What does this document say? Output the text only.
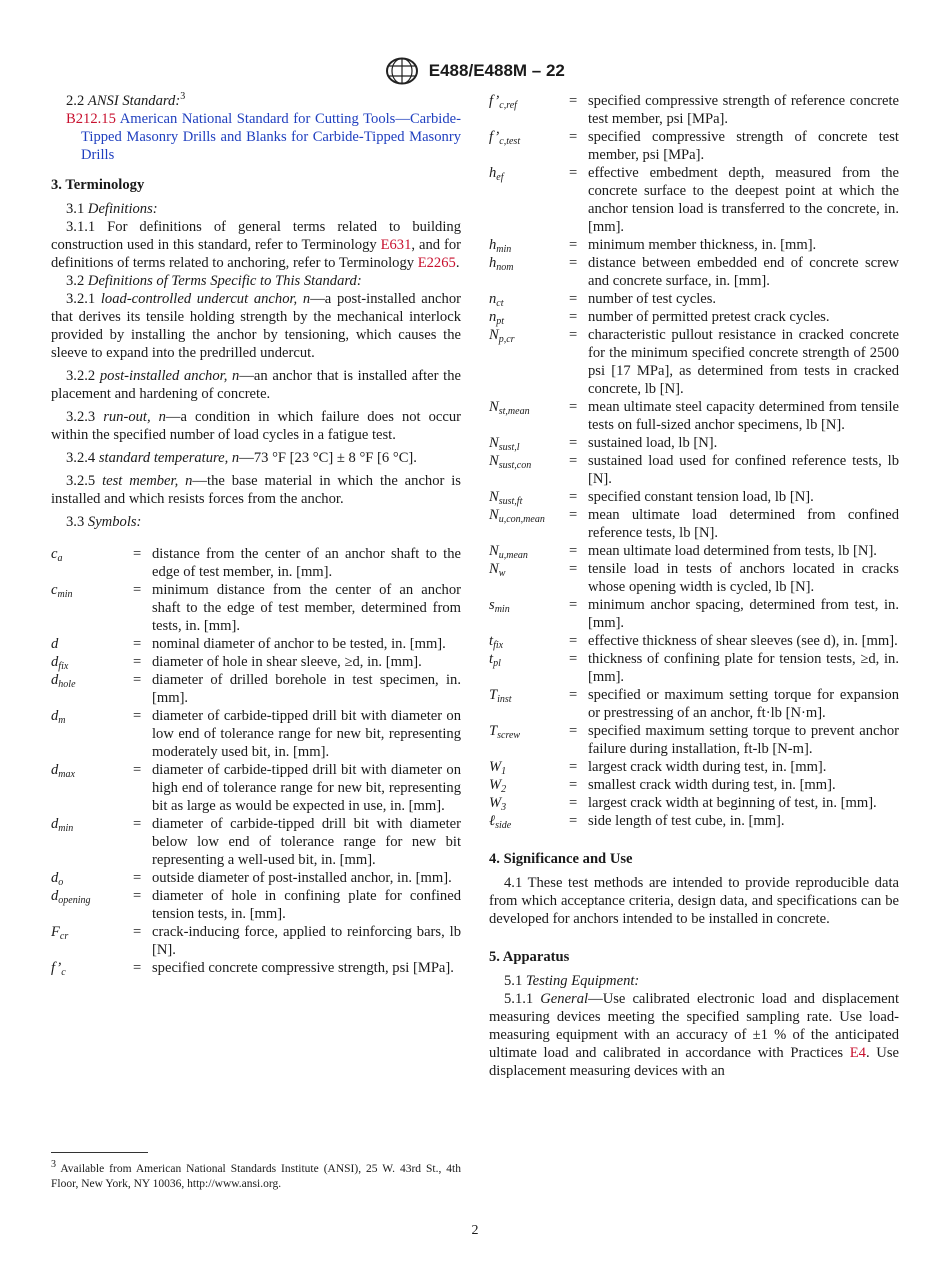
E488/E488M – 22

2.2 ANSI Standard:$^3$

B212.15 American National Standard for Cutting Tools—Carbide-Tipped Masonry Drills and Blanks for Carbide-Tipped Masonry Drills

3. Terminology

3.1 Definitions:

3.1.1 For definitions of general terms related to building construction used in this standard, refer to Terminology E631, and for definitions of terms related to anchoring, refer to Terminology E2265.

3.2 Definitions of Terms Specific to This Standard:

3.2.1 load-controlled undercut anchor, n—a post-installed anchor that derives its tensile holding strength by the mechanical interlock provided by installing the anchor by tensioning, which causes the sleeve to expand into the predrilled undercut.

3.2.2 post-installed anchor, n—an anchor that is installed after the placement and hardening of concrete.

3.2.3 run-out, n—a condition in which failure does not occur within the specified number of load cycles in a fatigue test.

3.2.4 standard temperature, n—73 °F [23 °C] ± 8 °F [6 °C].

3.2.5 test member, n—the base material in which the anchor is installed and which resists forces from the anchor.

3.3 Symbols:

$c_a$	= distance from the center of an anchor shaft to the edge of test member, in. [mm].
$c_{min}$	= minimum distance from the center of an anchor shaft to the edge of test member, determined from tests, in. [mm].
d	= nominal diameter of anchor to be tested, in. [mm].
$d_{fix}$	= diameter of hole in shear sleeve, ≥d, in. [mm].
$d_{hole}$	= diameter of drilled borehole in test specimen, in. [mm].
$d_m$	= diameter of carbide-tipped drill bit with diameter on low end of tolerance range for new bit, representing moderately used bit, in. [mm].
$d_{max}$	= diameter of carbide-tipped drill bit with diameter on high end of tolerance range for new bit, representing bit as large as would be expected in use, in. [mm].
$d_{min}$	= diameter of carbide-tipped drill bit with diameter below low end of tolerance range for new bit representing a well-used bit, in. [mm].
$d_o$	= outside diameter of post-installed anchor, in. [mm].
$d_{opening}$	= diameter of hole in confining plate for confined tension tests, in. [mm].
$F_{cr}$	= crack-inducing force, applied to reinforcing bars, lb [N].
$f’_c$	= specified concrete compressive strength, psi [MPa].
$f’_{c,ref}$	= specified compressive strength of reference concrete test member, psi [MPa].
$f’_{c,test}$	= specified compressive strength of concrete test member, psi [MPa].
$h_{ef}$	= effective embedment depth, measured from the concrete surface to the deepest point at which the anchor tension load is transferred to the concrete, in. [mm].
$h_{min}$	= minimum member thickness, in. [mm].
$h_{nom}$	= distance between embedded end of concrete screw and concrete surface, in. [mm].
$n_{ct}$	= number of test cycles.
$n_{pt}$	= number of permitted pretest crack cycles.
$N_{p,cr}$	= characteristic pullout resistance in cracked concrete for the minimum specified concrete strength of 2500 psi [17 MPa], as determined from tests in cracked concrete, lb [N].
$N_{st,mean}$	= mean ultimate steel capacity determined from tensile tests on full-sized anchor specimens, lb [N].
$N_{sust,l}$	= sustained load, lb [N].
$N_{sust,con}$	= sustained load used for confined reference tests, lb [N].
$N_{sust,ft}$	= specified constant tension load, lb [N].
$N_{u,con,mean}$	= mean ultimate load determined from confined reference tests, lb [N].
$N_{u,mean}$	= mean ultimate load determined from tests, lb [N].
$N_w$	= tensile load in tests of anchors located in cracks whose opening width is cycled, lb [N].
$s_{min}$	= minimum anchor spacing, determined from test, in. [mm].
$t_{fix}$	= effective thickness of shear sleeves (see d), in. [mm].
$t_{pl}$	= thickness of confining plate for tension tests, ≥d, in. [mm].
$T_{inst}$	= specified or maximum setting torque for expansion or prestressing of an anchor, ft·lb [N·m].
$T_{screw}$	= specified maximum setting torque to prevent anchor failure during installation, ft-lb [N-m].
$W_1$	= largest crack width during test, in. [mm].
$W_2$	= smallest crack width during test, in. [mm].
$W_3$	= largest crack width at beginning of test, in. [mm].
ℓ$_{side}$	= side length of test cube, in. [mm].

4. Significance and Use

4.1 These test methods are intended to provide reproducible data from which acceptance criteria, design data, and specifications can be developed for anchors intended to be installed in concrete.

5. Apparatus

5.1 Testing Equipment:

5.1.1 General—Use calibrated electronic load and displacement measuring devices meeting the specified sampling rate. Use load-measuring equipment with an accuracy of ±1 % of the anticipated ultimate load and calibrated in accordance with Practices E4. Use displacement measuring devices with an

$^3$ Available from American National Standards Institute (ANSI), 25 W. 43rd St., 4th Floor, New York, NY 10036, http://www.ansi.org.

2
